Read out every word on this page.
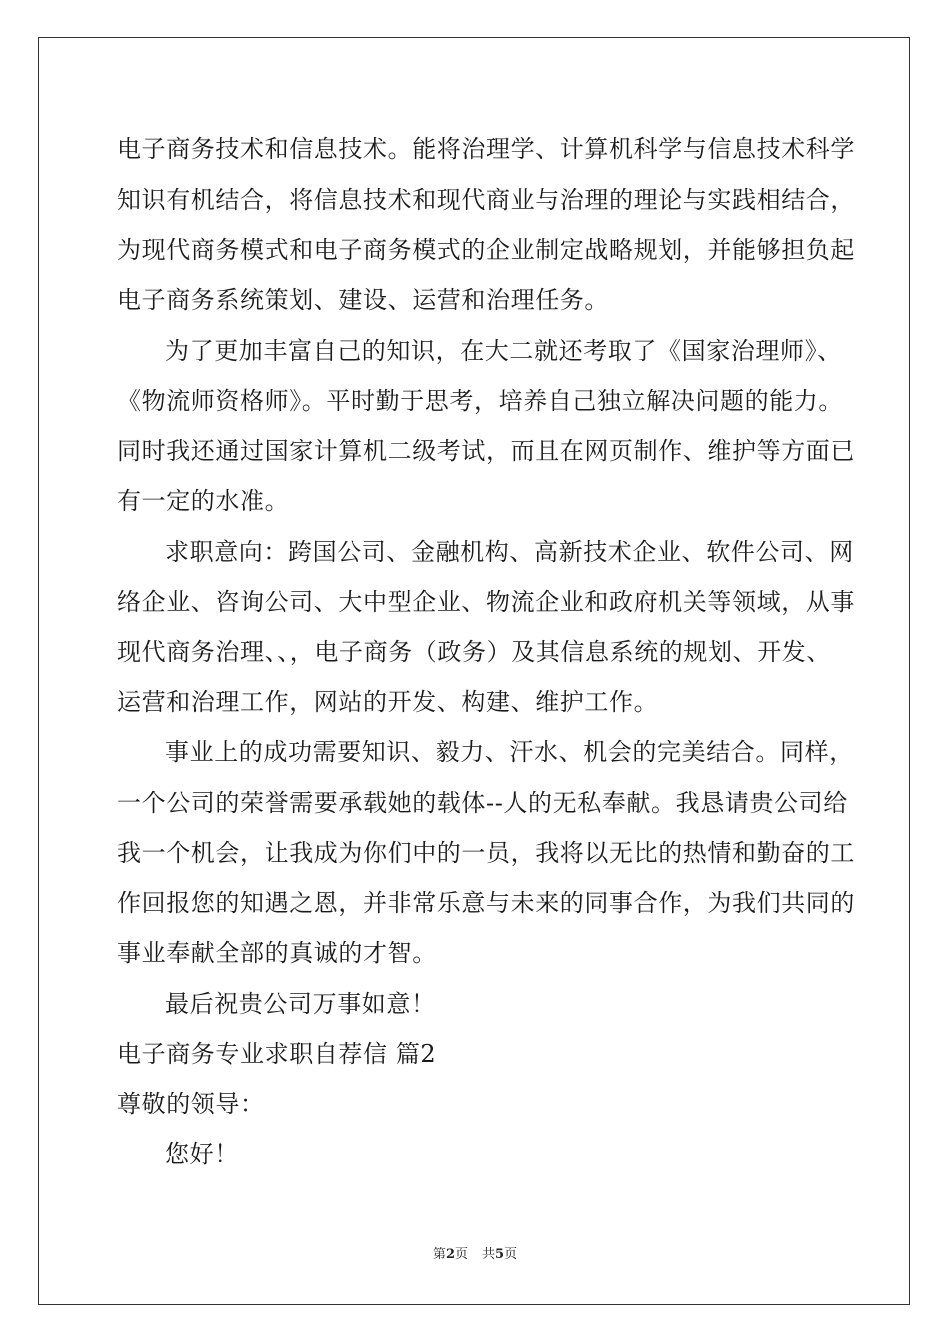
电子商务技术和信息技术。能将治理学、计算机科学与信息技术科学
知识有机结合，将信息技术和现代商业与治理的理论与实践相结合，
为现代商务模式和电子商务模式的企业制定战略规划，并能够担负起
电子商务系统策划、建设、运营和治理任务。
为了更加丰富自己的知识，在大二就还考取了《国家治理师》、
《物流师资格师》。平时勤于思考，培养自己独立解决问题的能力。
同时我还通过国家计算机二级考试，而且在网页制作、维护等方面已
有一定的水准。
求职意向：跨国公司、金融机构、高新技术企业、软件公司、网
络企业、咨询公司、大中型企业、物流企业和政府机关等领域，从事
现代商务治理、、，电子商务（政务）及其信息系统的规划、开发、
运营和治理工作，网站的开发、构建、维护工作。
事业上的成功需要知识、毅力、汗水、机会的完美结合。同样，
一个公司的荣誉需要承载她的载体--人的无私奉献。我恳请贵公司给
我一个机会，让我成为你们中的一员，我将以无比的热情和勤奋的工
作回报您的知遇之恩，并非常乐意与未来的同事合作，为我们共同的
事业奉献全部的真诚的才智。
最后祝贵公司万事如意！
电子商务专业求职自荐信 篇2
尊敬的领导：
您好！
第2页 共5页
